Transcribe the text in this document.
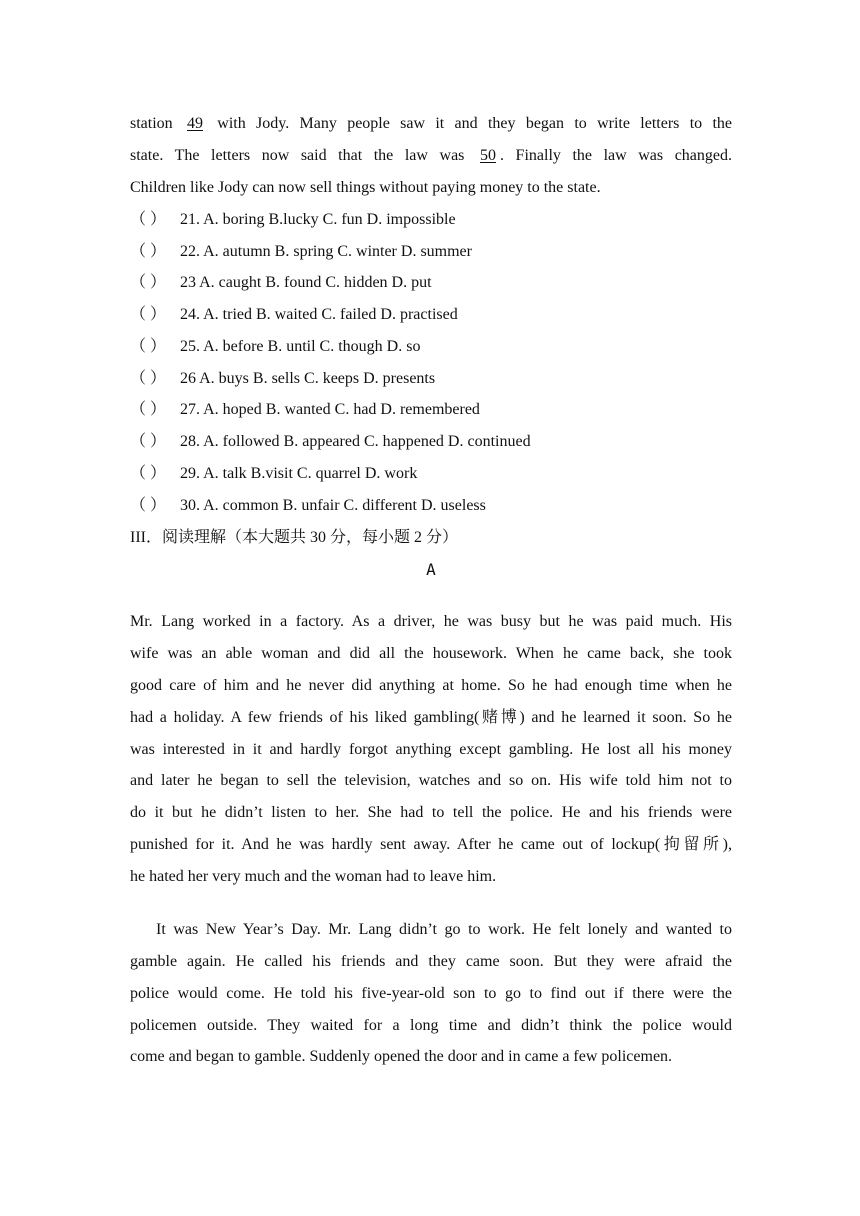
station 49 with Jody. Many people saw it and they began to write letters to the
state. The letters now said that the law was 50 . Finally the law was changed.
Children like Jody can now sell things without paying money to the state.
（ ） 21. A. boring B.lucky C. fun D. impossible
（ ） 22. A. autumn B. spring C. winter D. summer
（ ） 23 A. caught B. found C. hidden D. put
（ ） 24. A. tried B. waited C. failed D. practised
（ ） 25. A. before B. until C. though D. so
（ ） 26 A. buys B. sells C. keeps D. presents
（ ） 27. A. hoped B. wanted C. had D. remembered
（ ） 28. A. followed B. appeared C. happened D. continued
（ ） 29. A. talk B.visit C. quarrel D. work
（ ） 30. A. common B. unfair C. different D. useless
III．阅读理解（本大题共 30 分，每小题 2 分）
A
Mr. Lang worked in a factory. As a driver, he was busy but he was paid much. His
wife was an able woman and did all the housework. When he came back, she took
good care of him and he never did anything at home. So he had enough time when he
had a holiday. A few friends of his liked gambling(赌博) and he learned it soon. So he
was interested in it and hardly forgot anything except gambling. He lost all his money
and later he began to sell the television, watches and so on. His wife told him not to
do it but he didn’t listen to her. She had to tell the police. He and his friends were
punished for it. And he was hardly sent away. After he came out of lockup(拘留所),
he hated her very much and the woman had to leave him.
It was New Year’s Day. Mr. Lang didn’t go to work. He felt lonely and wanted to
gamble again. He called his friends and they came soon. But they were afraid the
police would come. He told his five-year-old son to go to find out if there were the
policemen outside. They waited for a long time and didn’t think the police would
come and began to gamble. Suddenly opened the door and in came a few policemen.
